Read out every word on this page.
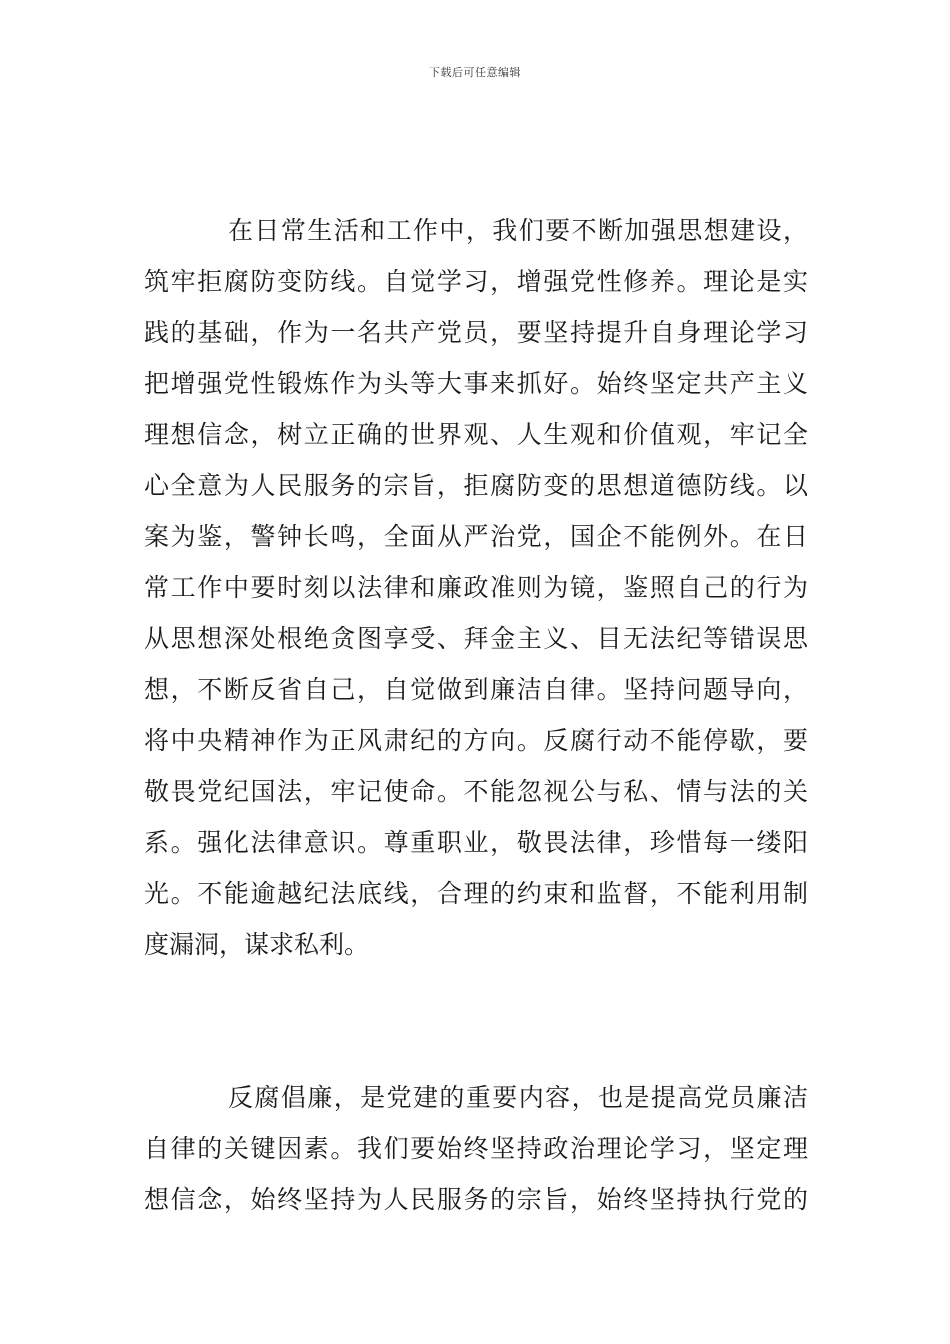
下载后可任意编辑
在日常生活和工作中，我们要不断加强思想建设，
筑牢拒腐防变防线。自觉学习，增强党性修养。理论是实
践的基础，作为一名共产党员，要坚持提升自身理论学习
把增强党性锻炼作为头等大事来抓好。始终坚定共产主义
理想信念，树立正确的世界观、人生观和价值观，牢记全
心全意为人民服务的宗旨，拒腐防变的思想道德防线。以
案为鉴，警钟长鸣，全面从严治党，国企不能例外。在日
常工作中要时刻以法律和廉政准则为镜，鉴照自己的行为
从思想深处根绝贪图享受、拜金主义、目无法纪等错误思
想，不断反省自己，自觉做到廉洁自律。坚持问题导向，
将中央精神作为正风肃纪的方向。反腐行动不能停歇，要
敬畏党纪国法，牢记使命。不能忽视公与私、情与法的关
系。强化法律意识。尊重职业，敬畏法律，珍惜每一缕阳
光。不能逾越纪法底线，合理的约束和监督，不能利用制
度漏洞，谋求私利。
反腐倡廉，是党建的重要内容，也是提高党员廉洁
自律的关键因素。我们要始终坚持政治理论学习，坚定理
想信念，始终坚持为人民服务的宗旨，始终坚持执行党的
